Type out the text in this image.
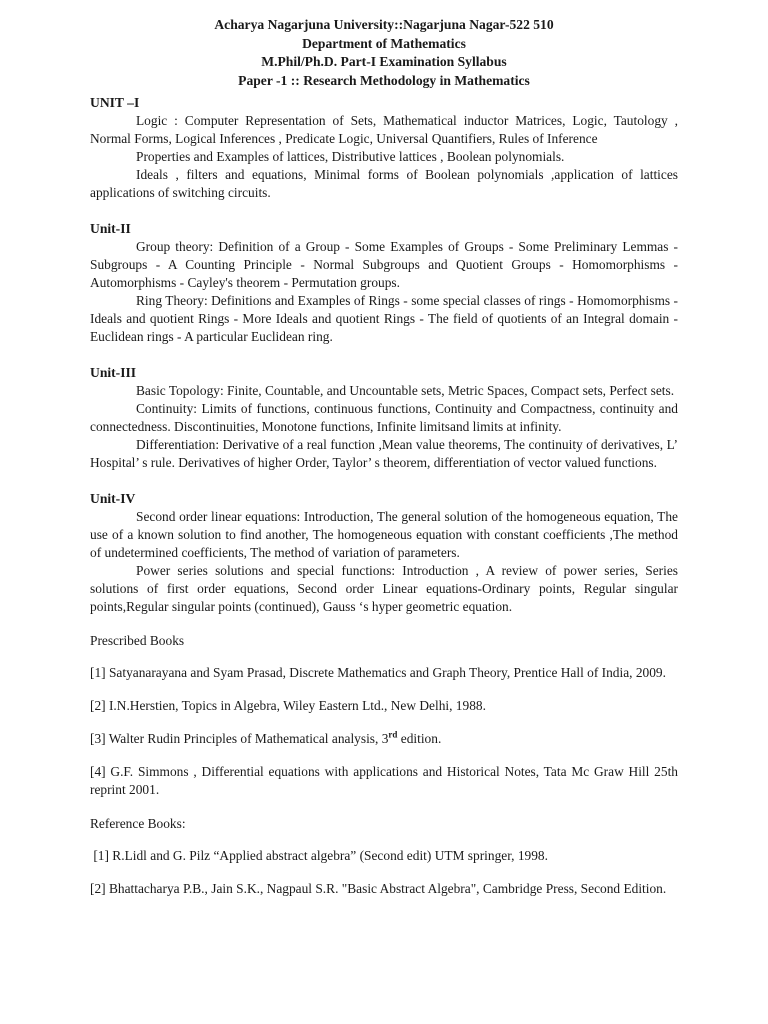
Acharya Nagarjuna University::Nagarjuna Nagar-522 510
Department of Mathematics
M.Phil/Ph.D. Part-I Examination Syllabus
Paper -1 :: Research Methodology in Mathematics
UNIT –I

Logic : Computer Representation of Sets, Mathematical inductor Matrices, Logic, Tautology , Normal Forms, Logical Inferences , Predicate Logic, Universal Quantifiers, Rules of Inference

Properties and Examples of lattices, Distributive lattices , Boolean polynomials.

Ideals , filters and equations, Minimal forms of Boolean polynomials ,application of lattices applications of switching circuits.

Unit-II

Group theory: Definition of a Group - Some Examples of Groups - Some Preliminary Lemmas - Subgroups - A Counting Principle - Normal Subgroups and Quotient Groups - Homomorphisms - Automorphisms - Cayley's theorem - Permutation groups.

Ring Theory: Definitions and Examples of Rings - some special classes of rings - Homomorphisms - Ideals and quotient Rings - More Ideals and quotient Rings - The field of quotients of an Integral domain - Euclidean rings - A particular Euclidean ring.

Unit-III

Basic Topology: Finite, Countable, and Uncountable sets, Metric Spaces, Compact sets, Perfect sets.

Continuity: Limits of functions, continuous functions, Continuity and Compactness, continuity and connectedness. Discontinuities, Monotone functions, Infinite limitsand limits at infinity.

Differentiation: Derivative of a real function ,Mean value theorems, The continuity of derivatives, L’ Hospital’ s rule. Derivatives of higher Order, Taylor’ s theorem, differentiation of vector valued functions.

Unit-IV

Second order linear equations: Introduction, The general solution of the homogeneous equation, The use of a known solution to find another, The homogeneous equation with constant coefficients ,The method of undetermined coefficients, The method of variation of parameters.

Power series solutions and special functions: Introduction , A review of power series, Series solutions of first order equations, Second order Linear equations-Ordinary points, Regular singular points,Regular singular points (continued), Gauss ‘s hyper geometric equation.

Prescribed Books
[1] Satyanarayana and Syam Prasad, Discrete Mathematics and Graph Theory, Prentice Hall of India, 2009.
[2] I.N.Herstien, Topics in Algebra, Wiley Eastern Ltd., New Delhi, 1988.
[3] Walter Rudin Principles of Mathematical analysis, 3rd edition.
[4] G.F. Simmons , Differential equations with applications and Historical Notes, Tata Mc Graw Hill 25th reprint 2001.
Reference Books:
[1] R.Lidl and G. Pilz “Applied abstract algebra” (Second edit) UTM springer, 1998.
[2] Bhattacharya P.B., Jain S.K., Nagpaul S.R. "Basic Abstract Algebra", Cambridge Press, Second Edition.
